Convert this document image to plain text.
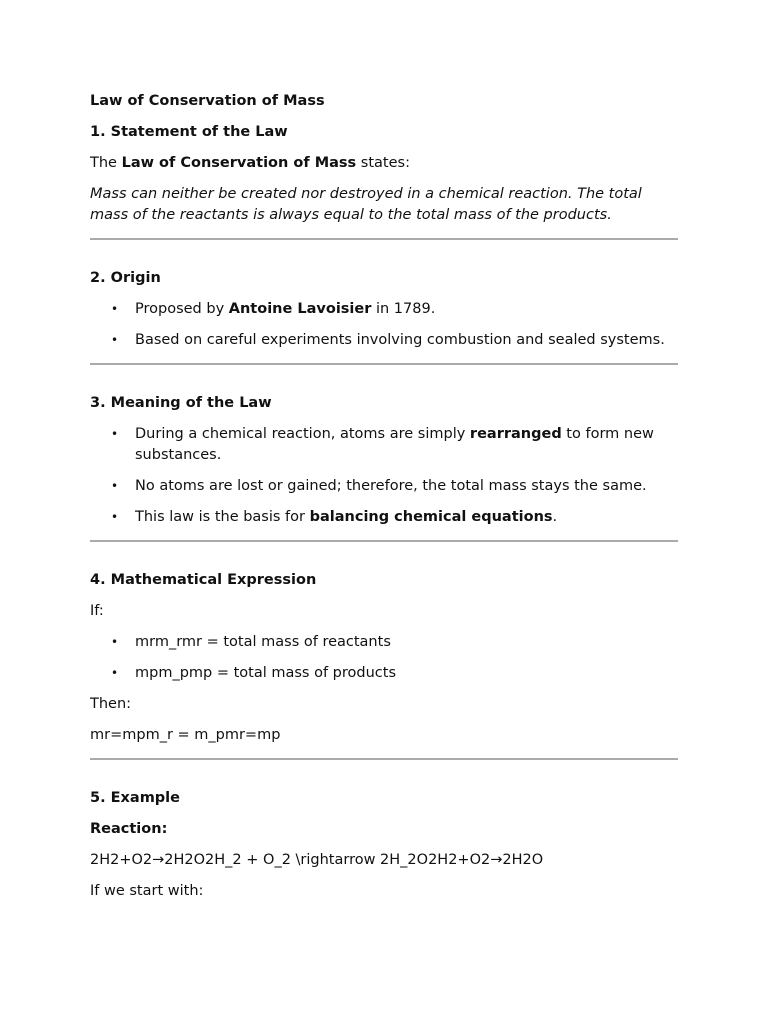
Law of Conservation of Mass
1. Statement of the Law

The Law of Conservation of Mass states:

Mass can neither be created nor destroyed in a chemical reaction. The total mass of the reactants is always equal to the total mass of the products.

2. Origin
• Proposed by Antoine Lavoisier in 1789.
• Based on careful experiments involving combustion and sealed systems.
3. Meaning of the Law
• During a chemical reaction, atoms are simply rearranged to form new substances.
• No atoms are lost or gained; therefore, the total mass stays the same.
• This law is the basis for balancing chemical equations.
4. Mathematical Expression

If:

• mrm_rmr = total mass of reactants
• mpm_pmp = total mass of products

Then:

mr=mpm_r = m_pmr=mp

5. Example

Reaction:

2H2+O2→2H2O2H_2 + O_2 \rightarrow 2H_2O2H2+O2→2H2O

If we start with:
